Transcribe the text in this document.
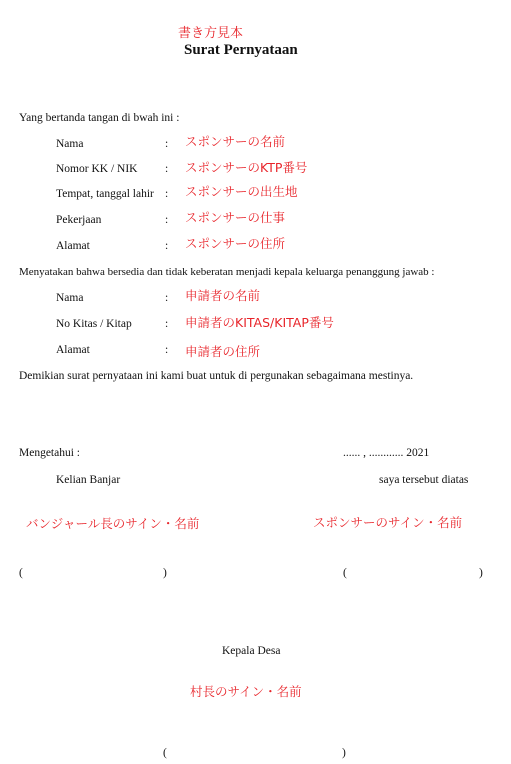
書き方見本
Surat Pernyataan
Yang bertanda tangan di bwah ini :
Nama	: スポンサーの名前
Nomor KK / NIK : スポンサーのKTP番号
Tempat, tanggal lahir : スポンサーの出生地
Pekerjaan	: スポンサーの仕事
Alamat	: スポンサーの住所
Menyatakan bahwa bersedia dan tidak keberatan menjadi kepala keluarga penanggung jawab :
Nama	: 申請者の名前
No Kitas / Kitap	: 申請者のKITAS/KITAP番号
Alamat	: 申請者の住所
Demikian surat pernyataan ini kami buat untuk di pergunakan sebagaimana mestinya.
Mengetahui :	...... , ............ 2021
Kelian Banjar	saya tersebut diatas
バンジャール長のサイン・名前	スポンサーのサイン・名前
(	)	(	)
Kepala Desa
村長のサイン・名前
(	)
